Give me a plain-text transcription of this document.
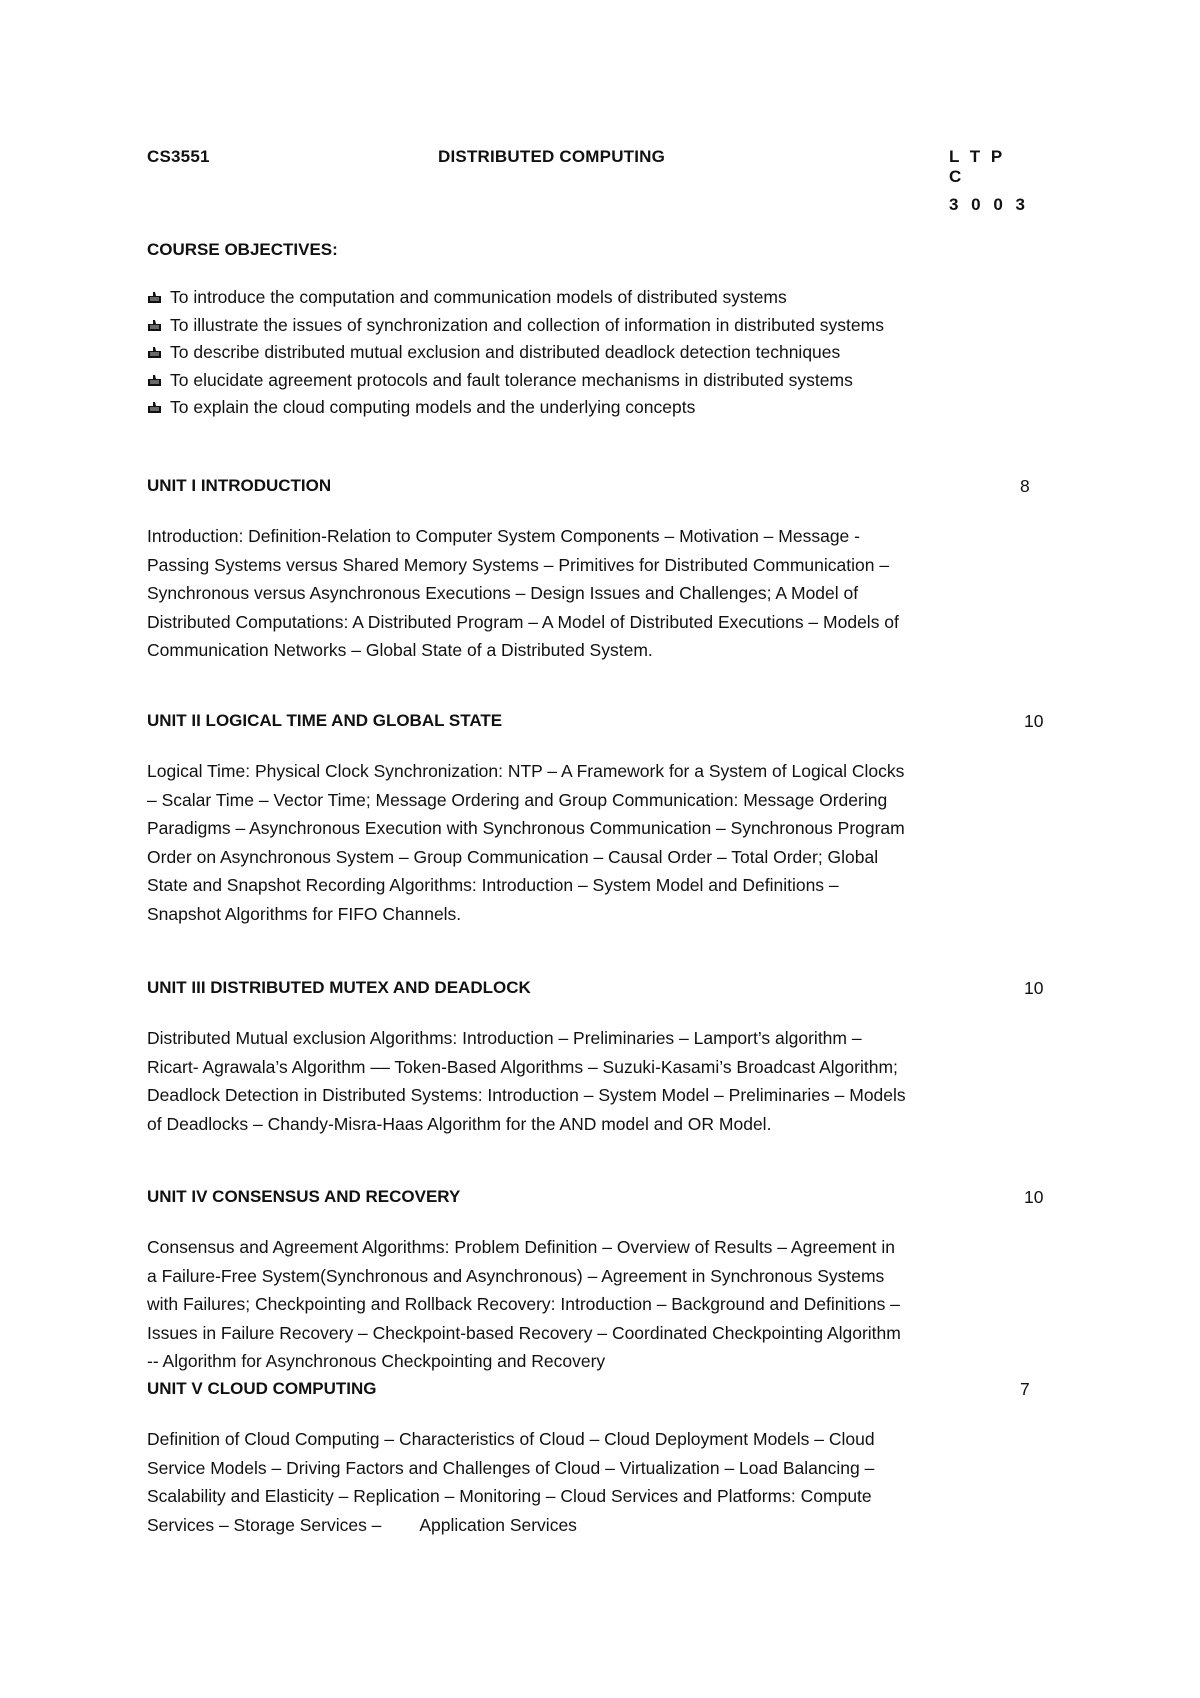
CS3551	DISTRIBUTED COMPUTING	L T P C
3 0 0 3
COURSE OBJECTIVES:
To introduce the computation and communication models of distributed systems
To illustrate the issues of synchronization and collection of information in distributed systems
To describe distributed mutual exclusion and distributed deadlock detection techniques
To elucidate agreement protocols and fault tolerance mechanisms in distributed systems
To explain the cloud computing models and the underlying concepts
UNIT I INTRODUCTION	8
Introduction: Definition-Relation to Computer System Components – Motivation – Message -
Passing Systems versus Shared Memory Systems – Primitives for Distributed Communication –
Synchronous versus Asynchronous Executions – Design Issues and Challenges; A Model of
Distributed Computations: A Distributed Program – A Model of Distributed Executions – Models of
Communication Networks – Global State of a Distributed System.
UNIT II LOGICAL TIME AND GLOBAL STATE	10
Logical Time: Physical Clock Synchronization: NTP – A Framework for a System of Logical Clocks
– Scalar Time – Vector Time; Message Ordering and Group Communication: Message Ordering
Paradigms – Asynchronous Execution with Synchronous Communication – Synchronous Program
Order on Asynchronous System – Group Communication – Causal Order – Total Order; Global
State and Snapshot Recording Algorithms: Introduction – System Model and Definitions –
Snapshot Algorithms for FIFO Channels.
UNIT III DISTRIBUTED MUTEX AND DEADLOCK	10
Distributed Mutual exclusion Algorithms: Introduction – Preliminaries – Lamport’s algorithm –
Ricart- Agrawala’s Algorithm –– Token-Based Algorithms – Suzuki-Kasami’s Broadcast Algorithm;
Deadlock Detection in Distributed Systems: Introduction – System Model – Preliminaries – Models
of Deadlocks – Chandy-Misra-Haas Algorithm for the AND model and OR Model.
UNIT IV CONSENSUS AND RECOVERY	10
Consensus and Agreement Algorithms: Problem Definition – Overview of Results – Agreement in
a Failure-Free System(Synchronous and Asynchronous) – Agreement in Synchronous Systems
with Failures; Checkpointing and Rollback Recovery: Introduction – Background and Definitions –
Issues in Failure Recovery – Checkpoint-based Recovery – Coordinated Checkpointing Algorithm
-- Algorithm for Asynchronous Checkpointing and Recovery
UNIT V CLOUD COMPUTING	7
Definition of Cloud Computing – Characteristics of Cloud – Cloud Deployment Models – Cloud
Service Models – Driving Factors and Challenges of Cloud – Virtualization – Load Balancing –
Scalability and Elasticity – Replication – Monitoring – Cloud Services and Platforms: Compute
Services – Storage Services –        Application Services
